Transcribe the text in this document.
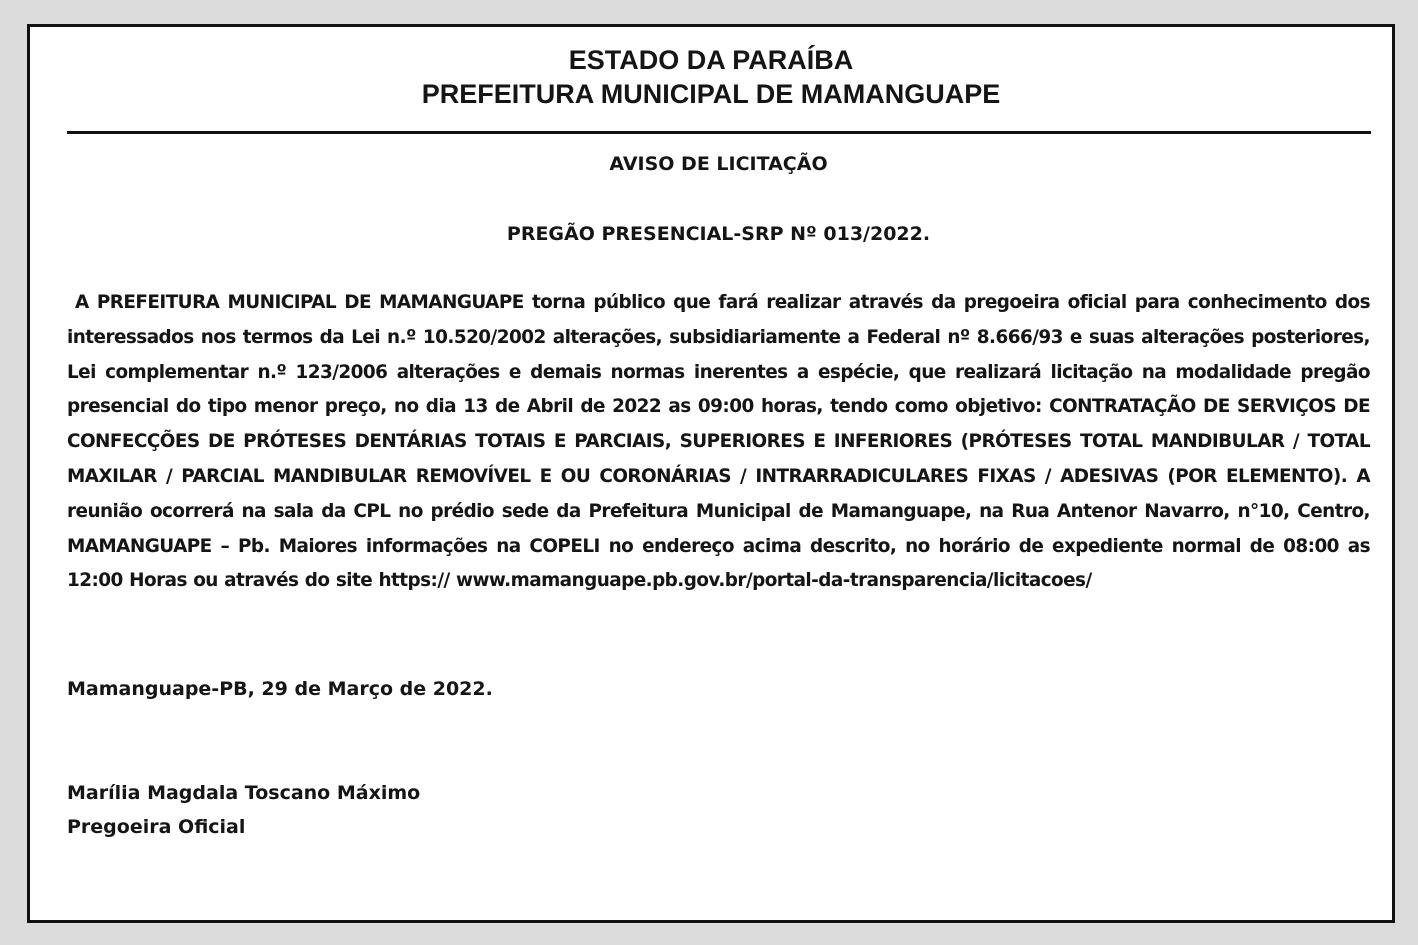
ESTADO DA PARAÍBA
PREFEITURA MUNICIPAL DE MAMANGUAPE

AVISO DE LICITAÇÃO

PREGÃO PRESENCIAL-SRP Nº 013/2022.

A PREFEITURA MUNICIPAL DE MAMANGUAPE torna público que fará realizar através da pregoeira oficial para conhecimento dos interessados nos termos da Lei n.º 10.520/2002 alterações, subsidiariamente a Federal nº 8.666/93 e suas alterações posteriores, Lei complementar n.º 123/2006 alterações e demais normas inerentes a espécie, que realizará licitação na modalidade pregão presencial do tipo menor preço, no dia 13 de Abril de 2022 as 09:00 horas, tendo como objetivo: CONTRATAÇÃO DE SERVIÇOS DE CONFECÇÕES DE PRÓTESES DENTÁRIAS TOTAIS E PARCIAIS, SUPERIORES E INFERIORES (PRÓTESES TOTAL MANDIBULAR / TOTAL MAXILAR / PARCIAL MANDIBULAR REMOVÍVEL E OU CORONÁRIAS / INTRARRADICULARES FIXAS / ADESIVAS (POR ELEMENTO). A reunião ocorrerá na sala da CPL no prédio sede da Prefeitura Municipal de Mamanguape, na Rua Antenor Navarro, n°10, Centro, MAMANGUAPE – Pb. Maiores informações na COPELI no endereço acima descrito, no horário de expediente normal de 08:00 as 12:00 Horas ou através do site https:// www.mamanguape.pb.gov.br/portal-da-transparencia/licitacoes/

Mamanguape-PB, 29 de Março de 2022.

Marília Magdala Toscano Máximo
Pregoeira Oficial
